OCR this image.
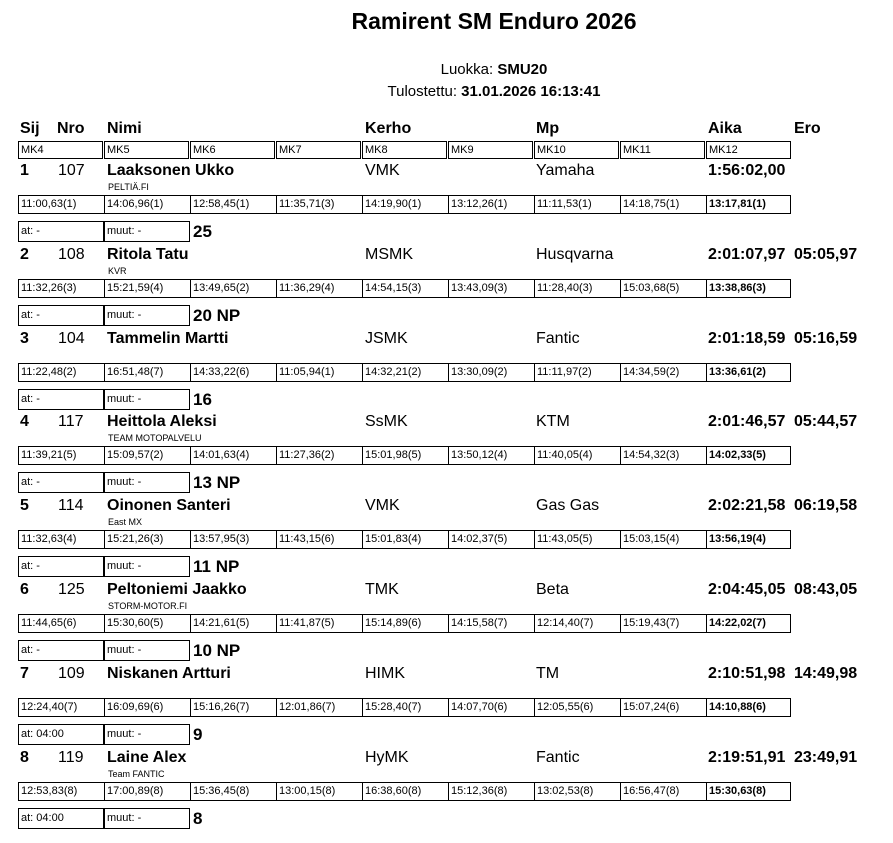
Ramirent SM Enduro 2026
Luokka: SMU20
Tulostettu: 31.01.2026 16:13:41
Sij Nro Nimi	Kerho	Mp	Aika	Ero
MK4	MK5	MK6	MK7	MK8	MK9	MK10	MK11	MK12
1 107 Laaksonen Ukko
PELTIÄ.FI
VMK	Yamaha	1:56:02,00
11:00,63(1)	14:06,96(1)	12:58,45(1)	11:35,71(3)	14:19,90(1)	13:12,26(1)	11:11,53(1)	14:18,75(1)	13:17,81(1)
at: -	muut: -	25
2 108 Ritola Tatu
KVR
MSMK	Husqvarna	2:01:07,97 05:05,97
11:32,26(3)	15:21,59(4)	13:49,65(2)	11:36,29(4)	14:54,15(3)	13:43,09(3)	11:28,40(3)	15:03,68(5)	13:38,86(3)
at: -	muut: -	20 NP
3 104 Tammelin Martti	JSMK	Fantic	2:01:18,59 05:16,59
11:22,48(2)	16:51,48(7)	14:33,22(6)	11:05,94(1)	14:32,21(2)	13:30,09(2)	11:11,97(2)	14:34,59(2)	13:36,61(2)
at: -	muut: -	16
4 117 Heittola Aleksi
TEAM MOTOPALVELU
SsMK	KTM	2:01:46,57 05:44,57
11:39,21(5)	15:09,57(2)	14:01,63(4)	11:27,36(2)	15:01,98(5)	13:50,12(4)	11:40,05(4)	14:54,32(3)	14:02,33(5)
at: -	muut: -	13 NP
5 114 Oinonen Santeri
East MX
VMK	Gas Gas	2:02:21,58 06:19,58
11:32,63(4)	15:21,26(3)	13:57,95(3)	11:43,15(6)	15:01,83(4)	14:02,37(5)	11:43,05(5)	15:03,15(4)	13:56,19(4)
at: -	muut: -	11 NP
6 125 Peltoniemi Jaakko
STORM-MOTOR.FI
TMK	Beta	2:04:45,05 08:43,05
11:44,65(6)	15:30,60(5)	14:21,61(5)	11:41,87(5)	15:14,89(6)	14:15,58(7)	12:14,40(7)	15:19,43(7)	14:22,02(7)
at: -	muut: -	10 NP
7 109 Niskanen Artturi	HIMK	TM	2:10:51,98 14:49,98
12:24,40(7)	16:09,69(6)	15:16,26(7)	12:01,86(7)	15:28,40(7)	14:07,70(6)	12:05,55(6)	15:07,24(6)	14:10,88(6)
at: 04:00	muut: -	9
8 119 Laine Alex
Team FANTIC
HyMK	Fantic	2:19:51,91 23:49,91
12:53,83(8)	17:00,89(8)	15:36,45(8)	13:00,15(8)	16:38,60(8)	15:12,36(8)	13:02,53(8)	16:56,47(8)	15:30,63(8)
at: 04:00	muut: -	8
